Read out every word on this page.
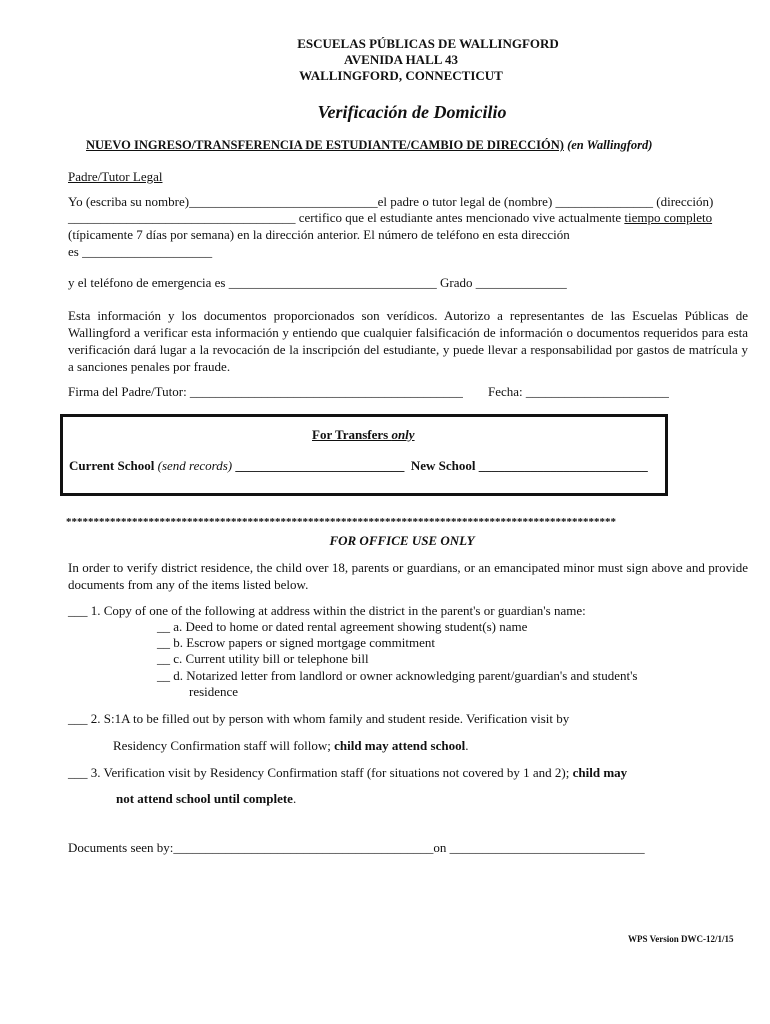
ESCUELAS PÚBLICAS DE WALLINGFORD
AVENIDA HALL 43
WALLINGFORD, CONNECTICUT
Verificación de Domicilio
NUEVO INGRESO/TRANSFERENCIA DE ESTUDIANTE/CAMBIO DE DIRECCIÓN) (en Wallingford)
Padre/Tutor Legal
Yo (escriba su nombre)_____________________________el padre o tutor legal de (nombre) _______________ (dirección)
___________________________________ certifico que el estudiante antes mencionado vive actualmente tiempo completo
(típicamente 7 días por semana) en la dirección anterior. El número de teléfono en esta dirección
es ____________________
y el teléfono de emergencia es ________________________________ Grado ______________
Esta información y los documentos proporcionados son verídicos. Autorizo a representantes de las Escuelas Públicas de Wallingford a verificar esta información y entiendo que cualquier falsificación de información o documentos requeridos para esta verificación dará lugar a la revocación de la inscripción del estudiante, y puede llevar a responsabilidad por gastos de matrícula y a sanciones penales por fraude.
Firma del Padre/Tutor: __________________________________________ Fecha: ______________________
For Transfers only
Current School (send records) __________________________ New School __________________________
****************************************************************************************************
FOR OFFICE USE ONLY
In order to verify district residence, the child over 18, parents or guardians, or an emancipated minor must sign above and provide documents from any of the items listed below.
___ 1. Copy of one of the following at address within the district in the parent's or guardian's name:
__ a. Deed to home or dated rental agreement showing student(s) name
__ b. Escrow papers or signed mortgage commitment
__ c. Current utility bill or telephone bill
__ d. Notarized letter from landlord or owner acknowledging parent/guardian's and student's
residence
___ 2. S:1A to be filled out by person with whom family and student reside. Verification visit by
Residency Confirmation staff will follow; child may attend school.
___ 3. Verification visit by Residency Confirmation staff (for situations not covered by 1 and 2); child may
not attend school until complete.
Documents seen by:________________________________________on ______________________________
WPS Version DWC-12/1/15
